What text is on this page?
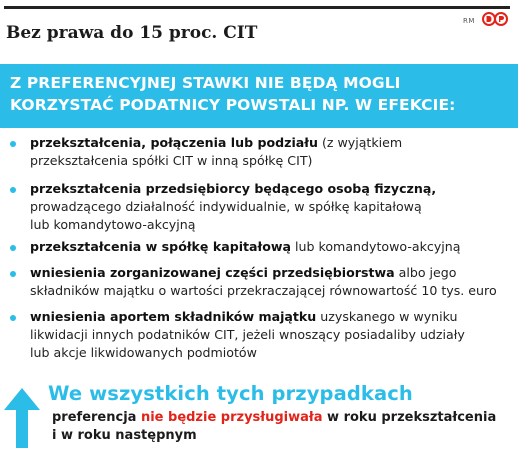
Bez prawa do 15 proc. CIT
RM
Z PREFERENCYJNEJ STAWKI NIE BĘDĄ MOGLI
KORZYSTAĆ PODATNICY POWSTALI NP. W EFEKCIE:
przekształcenia, połączenia lub podziału (z wyjątkiem
przekształcenia spółki CIT w inną spółkę CIT)
przekształcenia przedsiębiorcy będącego osobą fizyczną,
prowadzącego działalność indywidualnie, w spółkę kapitałową
lub komandytowo-akcyjną
przekształcenia w spółkę kapitałową lub komandytowo-akcyjną
wniesienia zorganizowanej części przedsiębiorstwa albo jego
składników majątku o wartości przekraczającej równowartość 10 tys. euro
wniesienia aportem składników majątku uzyskanego w wyniku
likwidacji innych podatników CIT, jeżeli wnoszący posiadaliby udziały
lub akcje likwidowanych podmiotów
We wszystkich tych przypadkach
preferencja nie będzie przysługiwała w roku przekształcenia
i w roku następnym
